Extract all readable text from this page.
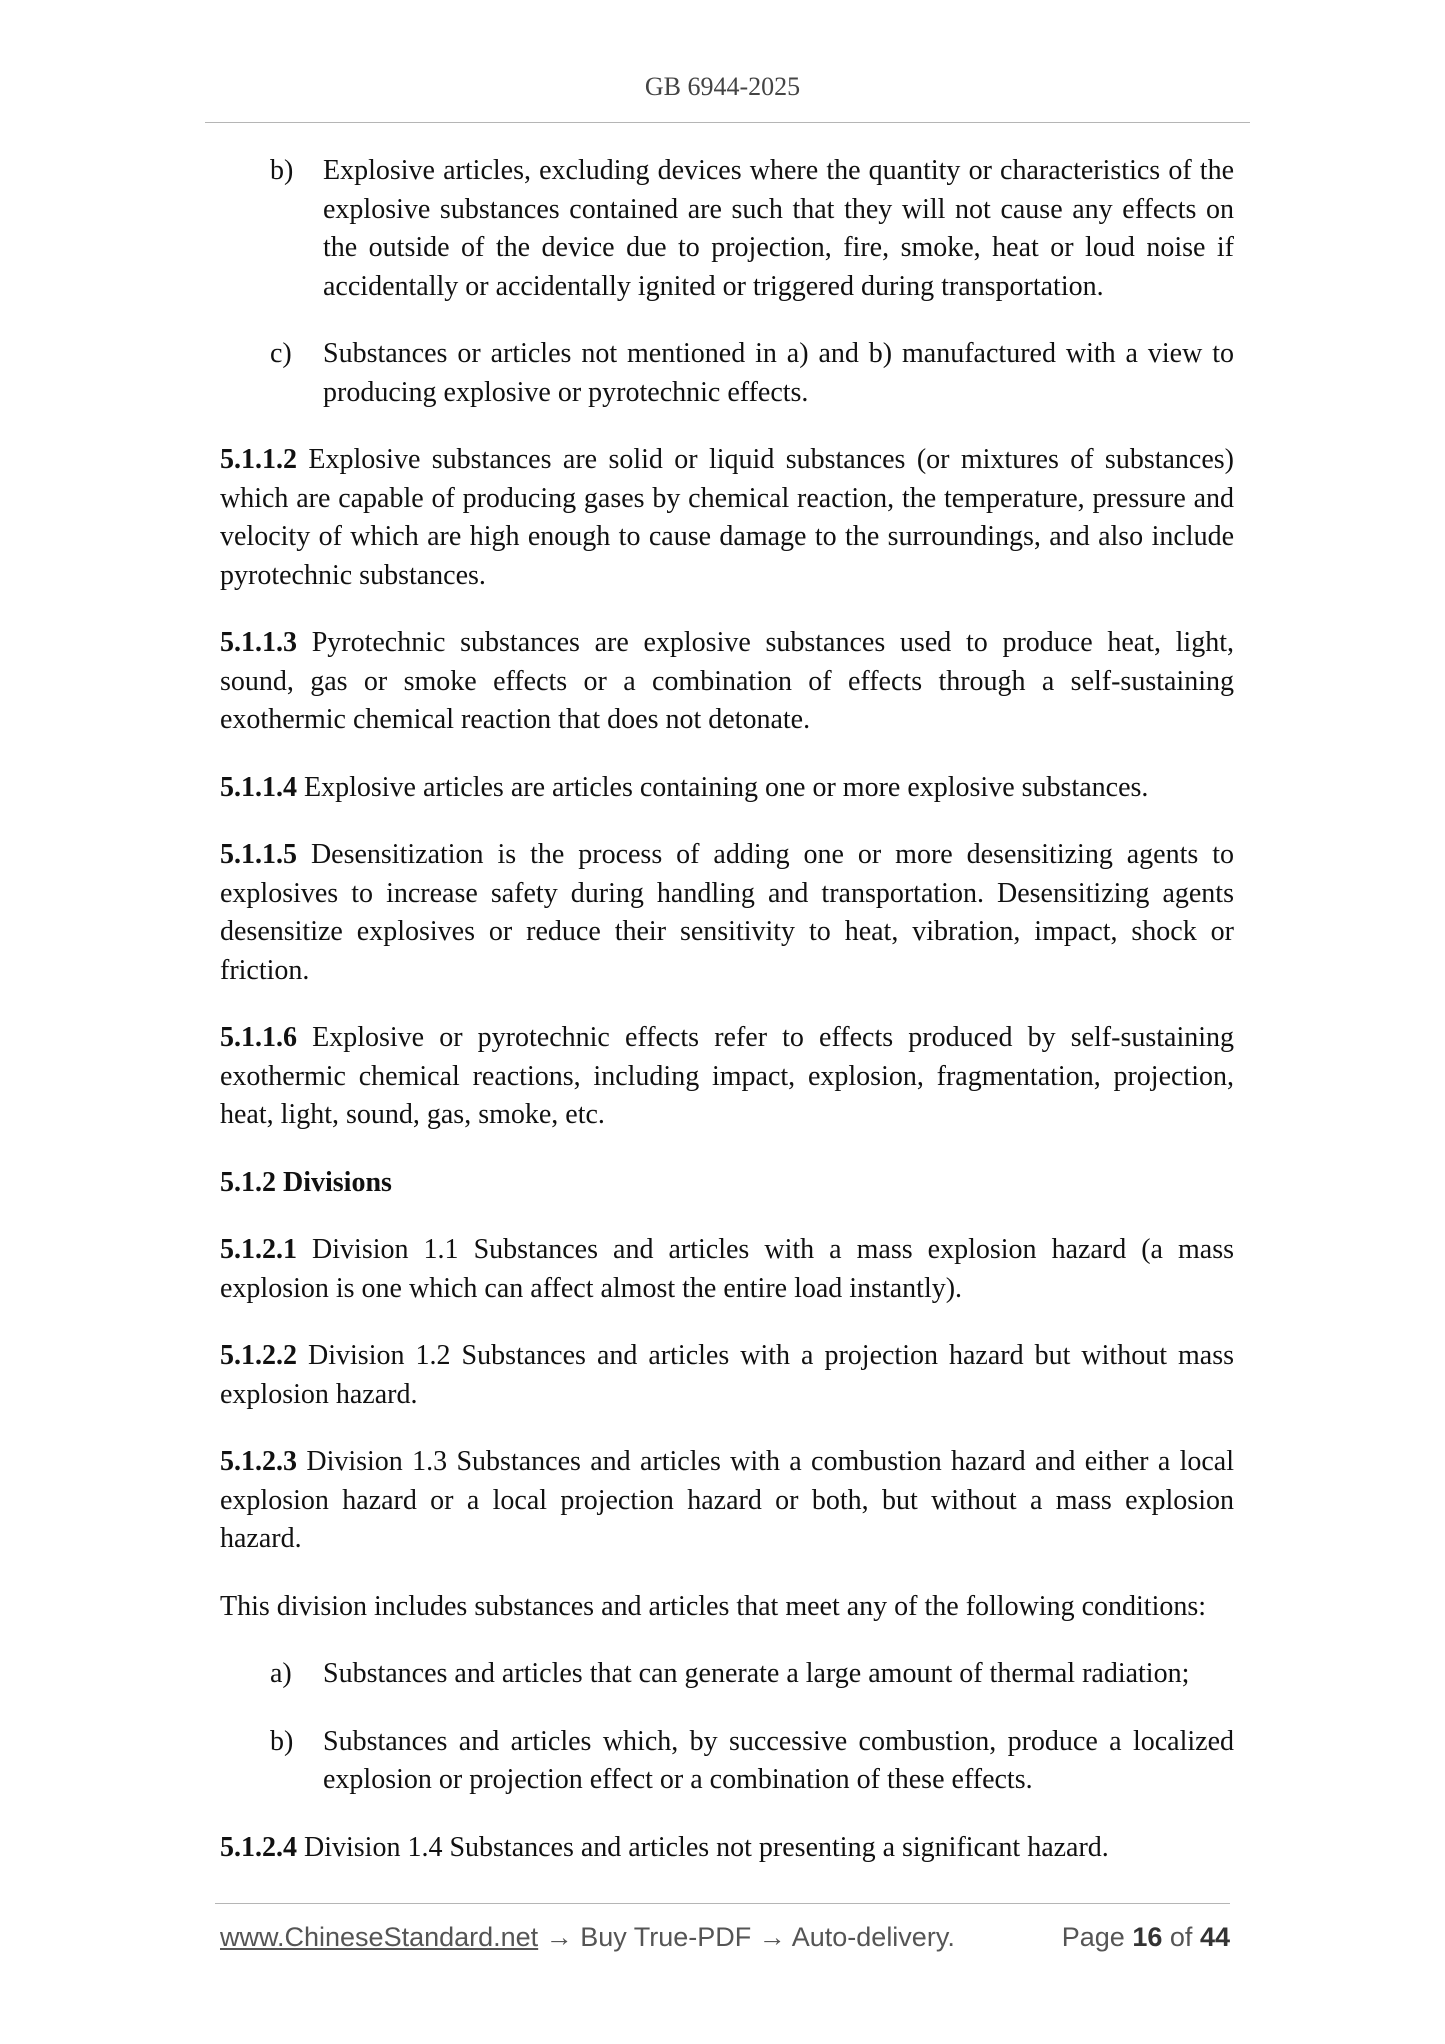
GB 6944-2025
b)	Explosive articles, excluding devices where the quantity or characteristics of the explosive substances contained are such that they will not cause any effects on the outside of the device due to projection, fire, smoke, heat or loud noise if accidentally or accidentally ignited or triggered during transportation.
c)	Substances or articles not mentioned in a) and b) manufactured with a view to producing explosive or pyrotechnic effects.

5.1.1.2 Explosive substances are solid or liquid substances (or mixtures of substances) which are capable of producing gases by chemical reaction, the temperature, pressure and velocity of which are high enough to cause damage to the surroundings, and also include pyrotechnic substances.

5.1.1.3 Pyrotechnic substances are explosive substances used to produce heat, light, sound, gas or smoke effects or a combination of effects through a self-sustaining exothermic chemical reaction that does not detonate.

5.1.1.4 Explosive articles are articles containing one or more explosive substances.

5.1.1.5 Desensitization is the process of adding one or more desensitizing agents to explosives to increase safety during handling and transportation. Desensitizing agents desensitize explosives or reduce their sensitivity to heat, vibration, impact, shock or friction.

5.1.1.6 Explosive or pyrotechnic effects refer to effects produced by self-sustaining exothermic chemical reactions, including impact, explosion, fragmentation, projection, heat, light, sound, gas, smoke, etc.

5.1.2 Divisions

5.1.2.1 Division 1.1 Substances and articles with a mass explosion hazard (a mass explosion is one which can affect almost the entire load instantly).

5.1.2.2 Division 1.2 Substances and articles with a projection hazard but without mass explosion hazard.

5.1.2.3 Division 1.3 Substances and articles with a combustion hazard and either a local explosion hazard or a local projection hazard or both, but without a mass explosion hazard.

This division includes substances and articles that meet any of the following conditions:

a)	Substances and articles that can generate a large amount of thermal radiation;
b)	Substances and articles which, by successive combustion, produce a localized explosion or projection effect or a combination of these effects.

5.1.2.4 Division 1.4 Substances and articles not presenting a significant hazard.

www.ChineseStandard.net → Buy True-PDF → Auto-delivery.	Page 16 of 44
